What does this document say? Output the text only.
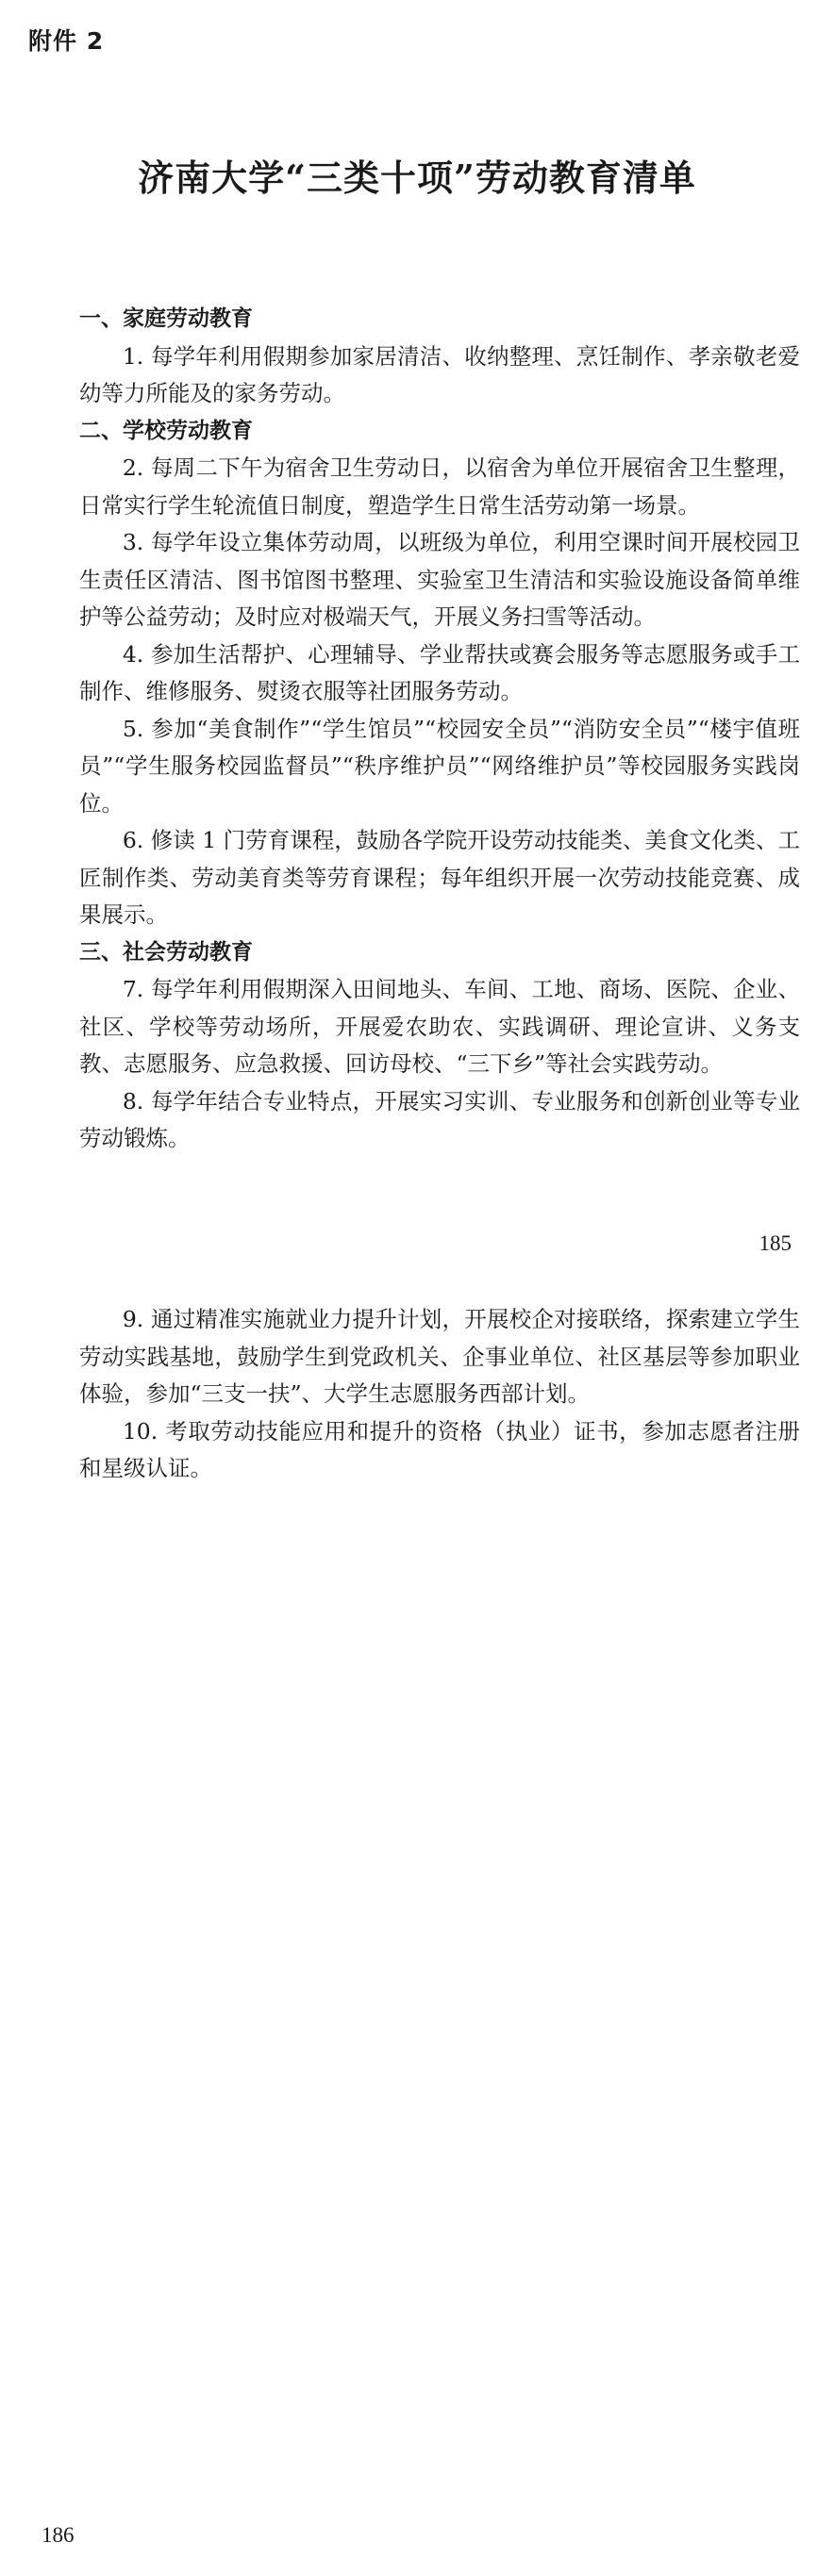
附件 2
济南大学“三类十项”劳动教育清单

一、家庭劳动教育

1. 每学年利用假期参加家居清洁、收纳整理、烹饪制作、孝亲敬老爱幼等力所能及的家务劳动。

二、学校劳动教育

2. 每周二下午为宿舍卫生劳动日，以宿舍为单位开展宿舍卫生整理，日常实行学生轮流值日制度，塑造学生日常生活劳动第一场景。

3. 每学年设立集体劳动周，以班级为单位，利用空课时间开展校园卫生责任区清洁、图书馆图书整理、实验室卫生清洁和实验设施设备简单维护等公益劳动；及时应对极端天气，开展义务扫雪等活动。

4. 参加生活帮护、心理辅导、学业帮扶或赛会服务等志愿服务或手工制作、维修服务、熨烫衣服等社团服务劳动。

5. 参加“美食制作”“学生馆员”“校园安全员”“消防安全员”“楼宇值班员”“学生服务校园监督员”“秩序维护员”“网络维护员”等校园服务实践岗位。

6. 修读 1 门劳育课程，鼓励各学院开设劳动技能类、美食文化类、工匠制作类、劳动美育类等劳育课程；每年组织开展一次劳动技能竞赛、成果展示。

三、社会劳动教育

7. 每学年利用假期深入田间地头、车间、工地、商场、医院、企业、社区、学校等劳动场所，开展爱农助农、实践调研、理论宣讲、义务支教、志愿服务、应急救援、回访母校、“三下乡”等社会实践劳动。

8. 每学年结合专业特点，开展实习实训、专业服务和创新创业等专业劳动锻炼。

185

9. 通过精准实施就业力提升计划，开展校企对接联络，探索建立学生劳动实践基地，鼓励学生到党政机关、企事业单位、社区基层等参加职业体验，参加“三支一扶”、大学生志愿服务西部计划。

10. 考取劳动技能应用和提升的资格（执业）证书，参加志愿者注册和星级认证。

186
